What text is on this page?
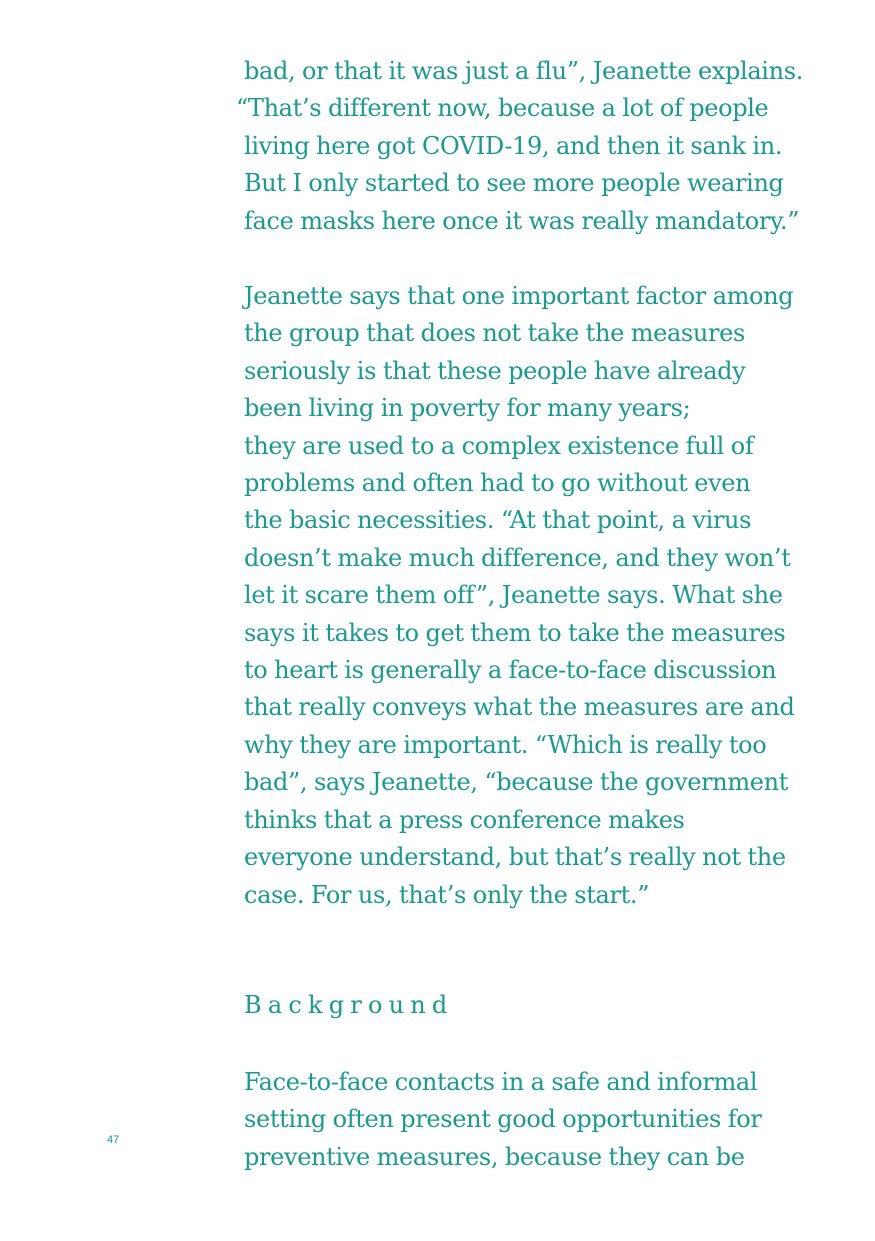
bad, or that it was just a flu”, Jeanette explains.
“That’s different now, because a lot of people
living here got COVID-19, and then it sank in.
But I only started to see more people wearing
face masks here once it was really mandatory.”
Jeanette says that one important factor among
the group that does not take the measures
seriously is that these people have already
been living in poverty for many years;
they are used to a complex existence full of
problems and often had to go without even
the basic necessities. “At that point, a virus
doesn’t make much difference, and they won’t
let it scare them off”, Jeanette says. What she
says it takes to get them to take the measures
to heart is generally a face-to-face discussion
that really conveys what the measures are and
why they are important. “Which is really too
bad”, says Jeanette, “because the government
thinks that a press conference makes
everyone understand, but that’s really not the
case. For us, that’s only the start.”
Background
Face-to-face contacts in a safe and informal
setting often present good opportunities for
preventive measures, because they can be
47
